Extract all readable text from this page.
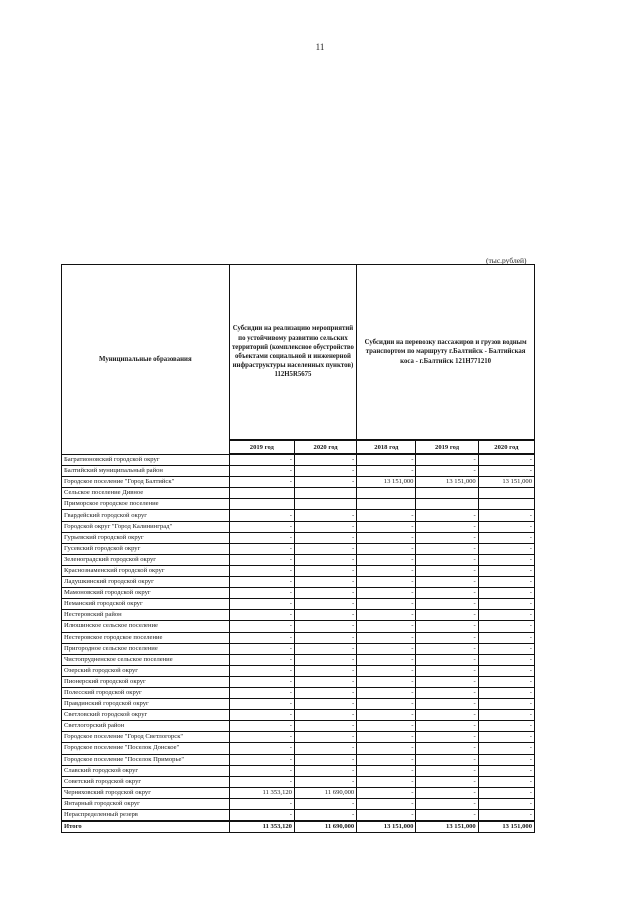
11
(тыс.рублей)
Муниципальные образования	Субсидии на реализацию мероприятий по устойчивому развитию сельских территорий (комплексное обустройство объектами социальной и инженерной инфраструктуры населенных пунктов) 112H5R5675		Субсидии на перевозку пассажиров и грузов водным транспортом по маршруту г.Балтийск - Балтийская коса - г.Балтийск 121H771210		
	2019 год	2020 год	2018 год	2019 год	2020 год
Багратионовский городской округ	-	-	-	-	-
Балтийский муниципальный район	-	-	-	-	-
Городское поселение "Город Балтийск"	-	-	13 151,000	13 151,000	13 151,000
Сельское поселение Дивное					
Приморское городское поселение					
Гвардейский городской округ	-	-	-	-	-
Городской округ "Город Калининград"	-	-	-	-	-
Гурьевский городской округ	-	-	-	-	-
Гусевский городской округ	-	-	-	-	-
Зеленоградский городской округ	-	-	-	-	-
Краснознаменский городской округ	-	-	-	-	-
Ладушкинский городской округ	-	-	-	-	-
Мамоновский городской округ	-	-	-	-	-
Неманский городской округ	-	-	-	-	-
Нестеровский район	-	-	-	-	-
Илюшинское сельское поселение	-	-	-	-	-
Нестеровское городское поселение	-	-	-	-	-
Пригородное сельское поселение	-	-	-	-	-
Чистопрудненское сельское поселение	-	-	-	-	-
Озерский городской округ	-	-	-	-	-
Пионерский городской округ	-	-	-	-	-
Полесский городской округ	-	-	-	-	-
Правдинский городской округ	-	-	-	-	-
Светловский городской округ	-	-	-	-	-
Светлогорский район	-	-	-	-	-
Городское поселение "Город Светлогорск"	-	-	-	-	-
Городское поселение "Поселок Донское"	-	-	-	-	-
Городское поселение "Поселок Приморье"	-	-	-	-	-
Славский городской округ	-	-	-	-	-
Советский городской округ	-	-	-	-	-
Черняховский городской округ	11 353,120	11 690,000	-	-	-
Янтарный городской округ	-	-	-	-	-
Нераспределенный резерв	-	-	-	-	-
Итого	11 353,120	11 690,000	13 151,000	13 151,000	13 151,000
